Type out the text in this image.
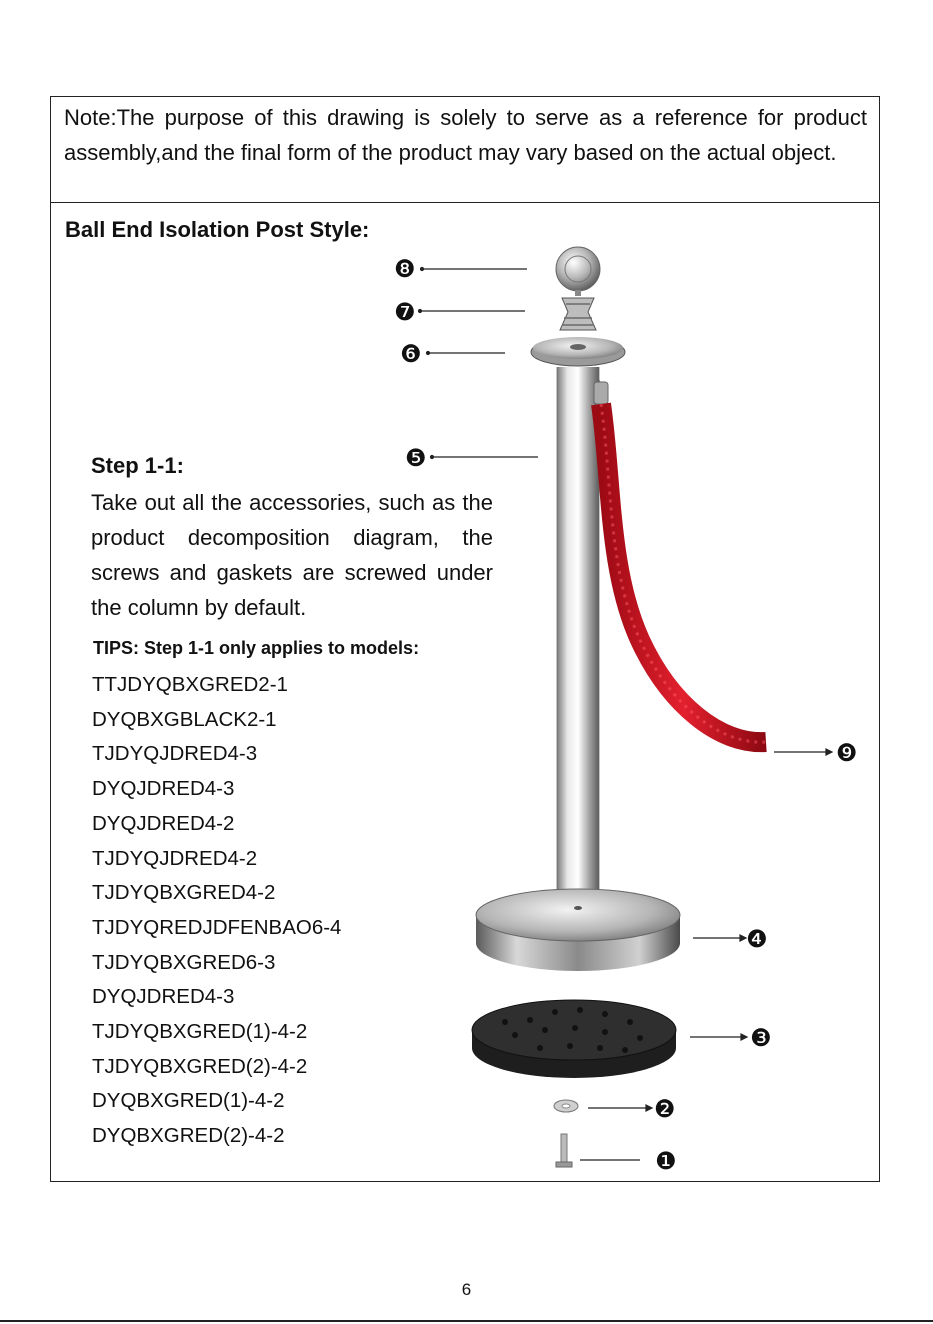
Note:The purpose of this drawing is solely to serve as a reference for product assembly,and the final form of the product may vary based on the actual object.
Ball End Isolation Post Style:
Step 1-1:
Take out all the accessories, such as the product decomposition diagram, the screws and gaskets are screwed under the column by default.
TIPS: Step 1-1 only applies to models:
TTJDYQBXGRED2-1
DYQBXGBLACK2-1
TJDYQJDRED4-3
DYQJDRED4-3
DYQJDRED4-2
TJDYQJDRED4-2
TJDYQBXGRED4-2
TJDYQREDJDFENBAO6-4
TJDYQBXGRED6-3
DYQJDRED4-3
TJDYQBXGRED(1)-4-2
TJDYQBXGRED(2)-4-2
DYQBXGRED(1)-4-2
DYQBXGRED(2)-4-2
❽
❼
❻
❺
❾
❹
❸
❷
❶
6
